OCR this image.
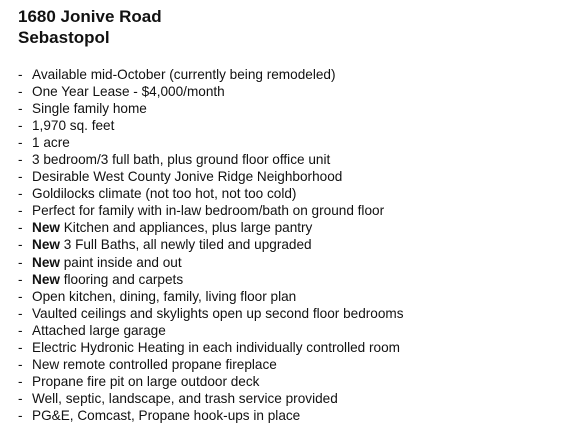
1680 Jonive Road
Sebastopol
- Available mid-October (currently being remodeled)
- One Year Lease - $4,000/month
- Single family home
- 1,970 sq. feet
- 1 acre
- 3 bedroom/3 full bath, plus ground floor office unit
- Desirable West County Jonive Ridge Neighborhood
- Goldilocks climate (not too hot, not too cold)
- Perfect for family with in-law bedroom/bath on ground floor
- New Kitchen and appliances, plus large pantry
- New 3 Full Baths, all newly tiled and upgraded
- New paint inside and out
- New flooring and carpets
- Open kitchen, dining, family, living floor plan
- Vaulted ceilings and skylights open up second floor bedrooms
- Attached large garage
- Electric Hydronic Heating in each individually controlled room
- New remote controlled propane fireplace
- Propane fire pit on large outdoor deck
- Well, septic, landscape, and trash service provided
- PG&E, Comcast, Propane hook-ups in place
